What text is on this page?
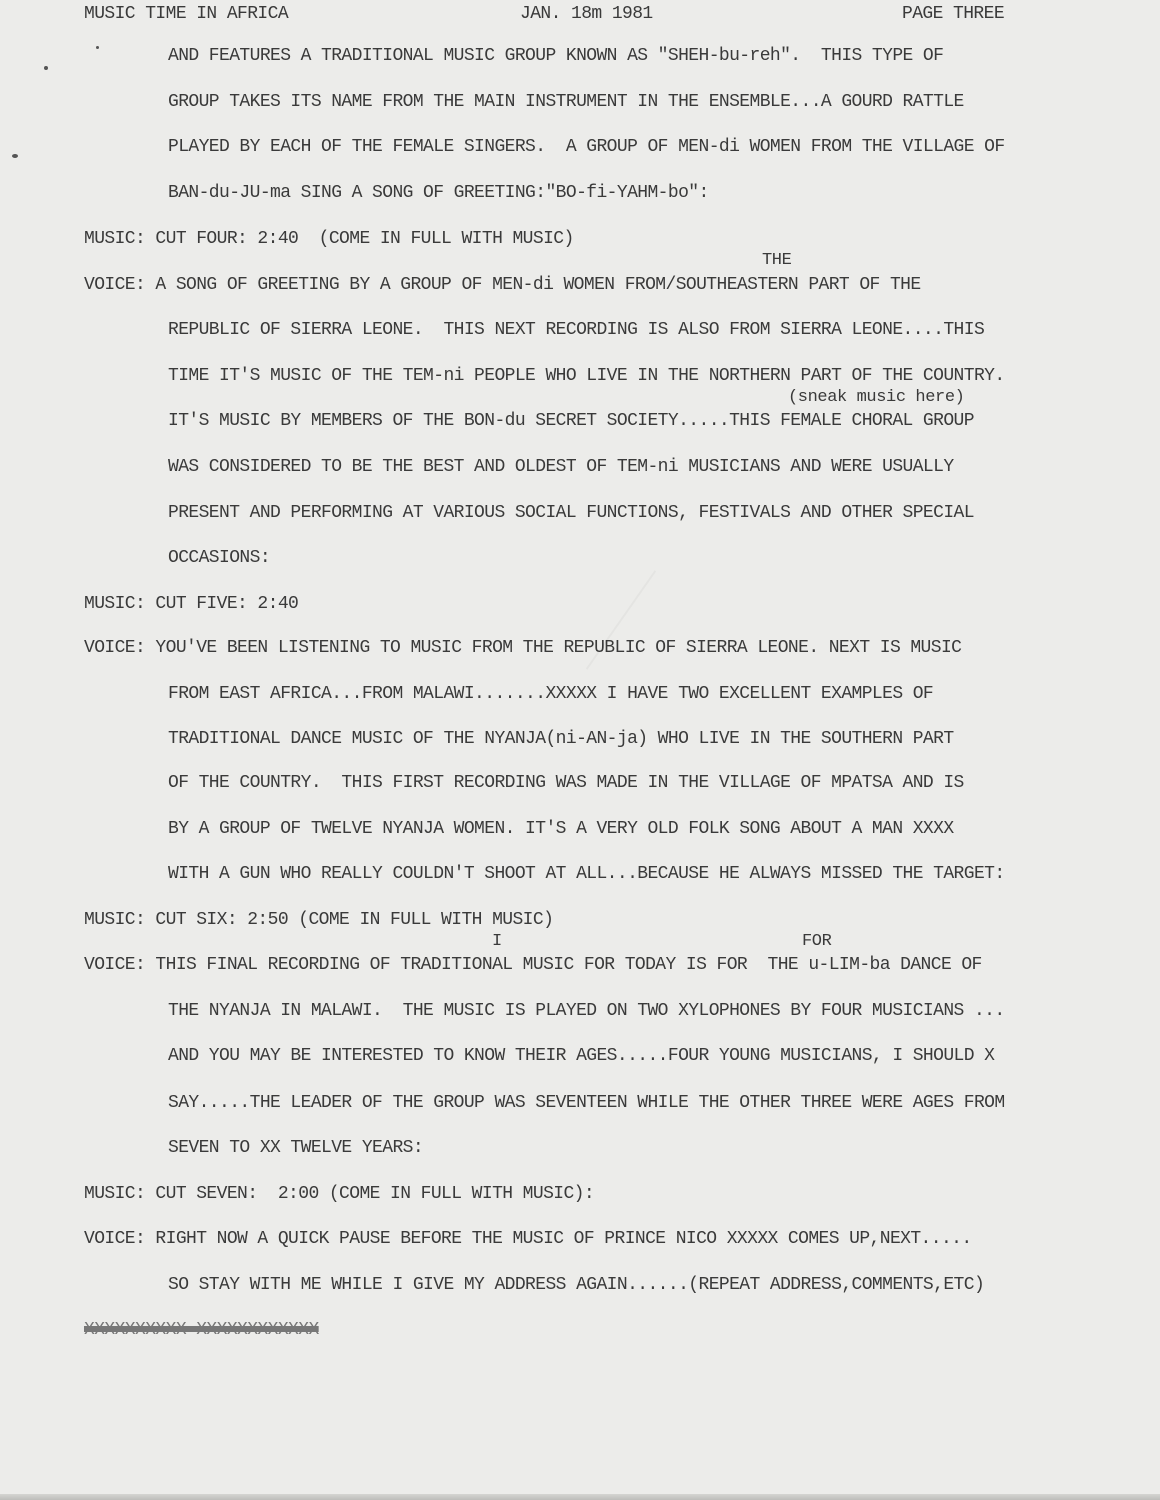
MUSIC TIME IN AFRICA	JAN. 18m 1981	PAGE THREE
AND FEATURES A TRADITIONAL MUSIC GROUP KNOWN AS "SHEH-bu-reh".  THIS TYPE OF
GROUP TAKES ITS NAME FROM THE MAIN INSTRUMENT IN THE ENSEMBLE...A GOURD RATTLE
PLAYED BY EACH OF THE FEMALE SINGERS.  A GROUP OF MEN-di WOMEN FROM THE VILLAGE OF
BAN-du-JU-ma SING A SONG OF GREETING:"BO-fi-YAHM-bo":
MUSIC: CUT FOUR: 2:40  (COME IN FULL WITH MUSIC)
THE
VOICE: A SONG OF GREETING BY A GROUP OF MEN-di WOMEN FROM/SOUTHEASTERN PART OF THE
REPUBLIC OF SIERRA LEONE.  THIS NEXT RECORDING IS ALSO FROM SIERRA LEONE....THIS
TIME IT'S MUSIC OF THE TEM-ni PEOPLE WHO LIVE IN THE NORTHERN PART OF THE COUNTRY.
(sneak music here)
IT'S MUSIC BY MEMBERS OF THE BON-du SECRET SOCIETY.....THIS FEMALE CHORAL GROUP
WAS CONSIDERED TO BE THE BEST AND OLDEST OF TEM-ni MUSICIANS AND WERE USUALLY
PRESENT AND PERFORMING AT VARIOUS SOCIAL FUNCTIONS, FESTIVALS AND OTHER SPECIAL
OCCASIONS:
MUSIC: CUT FIVE: 2:40
VOICE: YOU'VE BEEN LISTENING TO MUSIC FROM THE REPUBLIC OF SIERRA LEONE. NEXT IS MUSIC
FROM EAST AFRICA...FROM MALAWI.......XXXXX I HAVE TWO EXCELLENT EXAMPLES OF
TRADITIONAL DANCE MUSIC OF THE NYANJA(ni-AN-ja) WHO LIVE IN THE SOUTHERN PART
OF THE COUNTRY.  THIS FIRST RECORDING WAS MADE IN THE VILLAGE OF MPATSA AND IS
BY A GROUP OF TWELVE NYANJA WOMEN. IT'S A VERY OLD FOLK SONG ABOUT A MAN XXXX
WITH A GUN WHO REALLY COULDN'T SHOOT AT ALL...BECAUSE HE ALWAYS MISSED THE TARGET:
MUSIC: CUT SIX: 2:50 (COME IN FULL WITH MUSIC)
I	FOR
VOICE: THIS FINAL RECORDING OF TRADITIONAL MUSIC FOR TODAY IS FOR  THE u-LIM-ba DANCE OF
THE NYANJA IN MALAWI.  THE MUSIC IS PLAYED ON TWO XYLOPHONES BY FOUR MUSICIANS ...
AND YOU MAY BE INTERESTED TO KNOW THEIR AGES.....FOUR YOUNG MUSICIANS, I SHOULD X
SAY.....THE LEADER OF THE GROUP WAS SEVENTEEN WHILE THE OTHER THREE WERE AGES FROM
SEVEN TO XX TWELVE YEARS:
MUSIC: CUT SEVEN:  2:00 (COME IN FULL WITH MUSIC):
VOICE: RIGHT NOW A QUICK PAUSE BEFORE THE MUSIC OF PRINCE NICO XXXXX COMES UP,NEXT.....
SO STAY WITH ME WHILE I GIVE MY ADDRESS AGAIN......(REPEAT ADDRESS,COMMENTS,ETC)
XXXXXXXXXX XXXXXXXXXXXX
